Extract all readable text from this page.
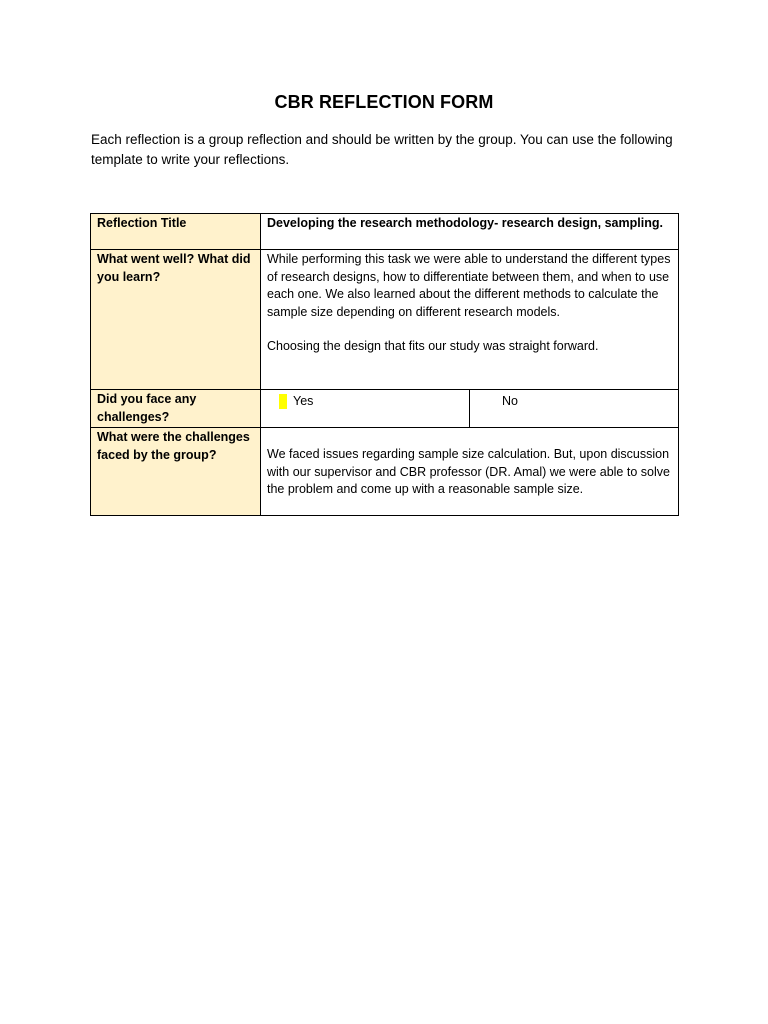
CBR REFLECTION FORM
Each reflection is a group reflection and should be written by the group. You can use the following template to write your reflections.
Reflection Title	Developing the research methodology- research design, sampling.	
What went well? What did you learn?	While performing this task we were able to understand the different types of research designs, how to differentiate between them, and when to use each one. We also learned about the different methods to calculate the sample size depending on different research models.
Choosing the design that fits our study was straight forward.	

Did you face any challenges?	Yes	No

What were the challenges faced by the group?	We faced issues regarding sample size calculation. But, upon discussion with our supervisor and CBR professor (DR. Amal) we were able to solve the problem and come up with a reasonable sample size.	
